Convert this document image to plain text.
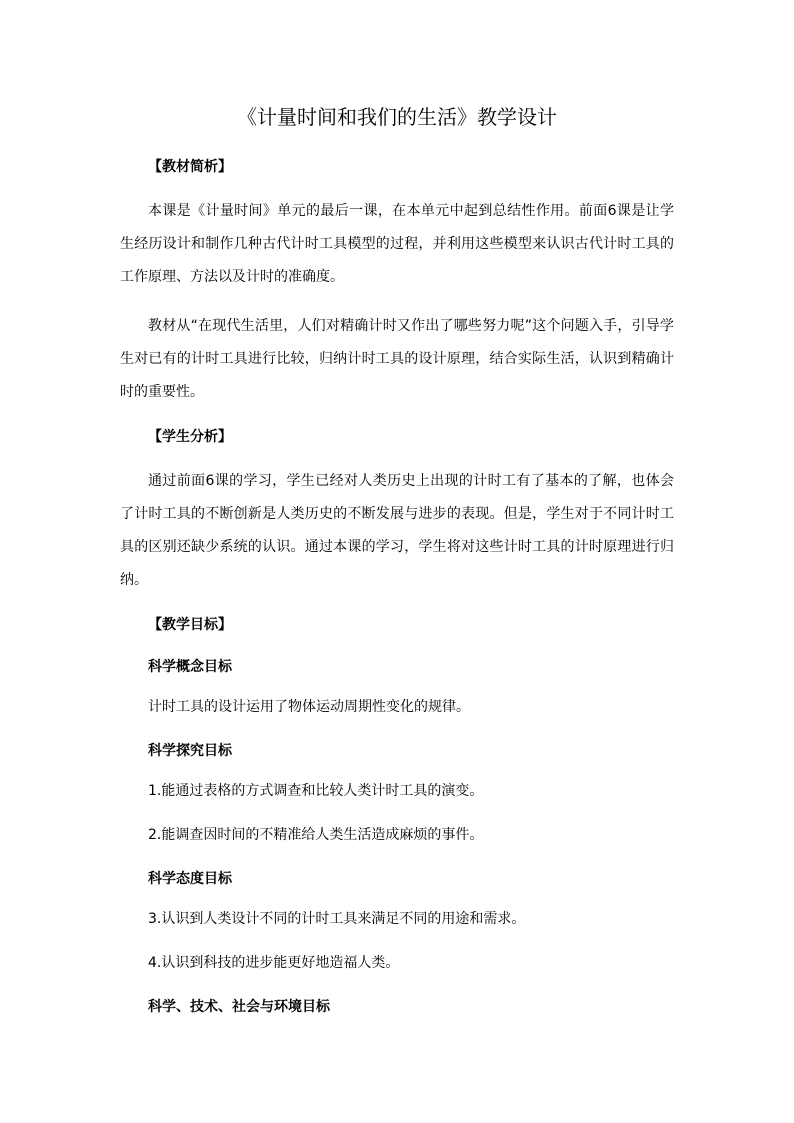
《计量时间和我们的生活》教学设计
【教材简析】

本课是《计量时间》单元的最后一课，在本单元中起到总结性作用。前面6课是让学生经历设计和制作几种古代计时工具模型的过程，并利用这些模型来认识古代计时工具的工作原理、方法以及计时的准确度。

教材从“在现代生活里，人们对精确计时又作出了哪些努力呢”这个问题入手，引导学生对已有的计时工具进行比较，归纳计时工具的设计原理，结合实际生活，认识到精确计时的重要性。

【学生分析】

通过前面6课的学习，学生已经对人类历史上出现的计时工有了基本的了解，也体会了计时工具的不断创新是人类历史的不断发展与进步的表现。但是，学生对于不同计时工具的区别还缺少系统的认识。通过本课的学习，学生将对这些计时工具的计时原理进行归纳。

【教学目标】
科学概念目标
计时工具的设计运用了物体运动周期性变化的规律。
科学探究目标
1.能通过表格的方式调查和比较人类计时工具的演变。
2.能调查因时间的不精准给人类生活造成麻烦的事件。
科学态度目标
3.认识到人类设计不同的计时工具来满足不同的用途和需求。
4.认识到科技的进步能更好地造福人类。
科学、技术、社会与环境目标
